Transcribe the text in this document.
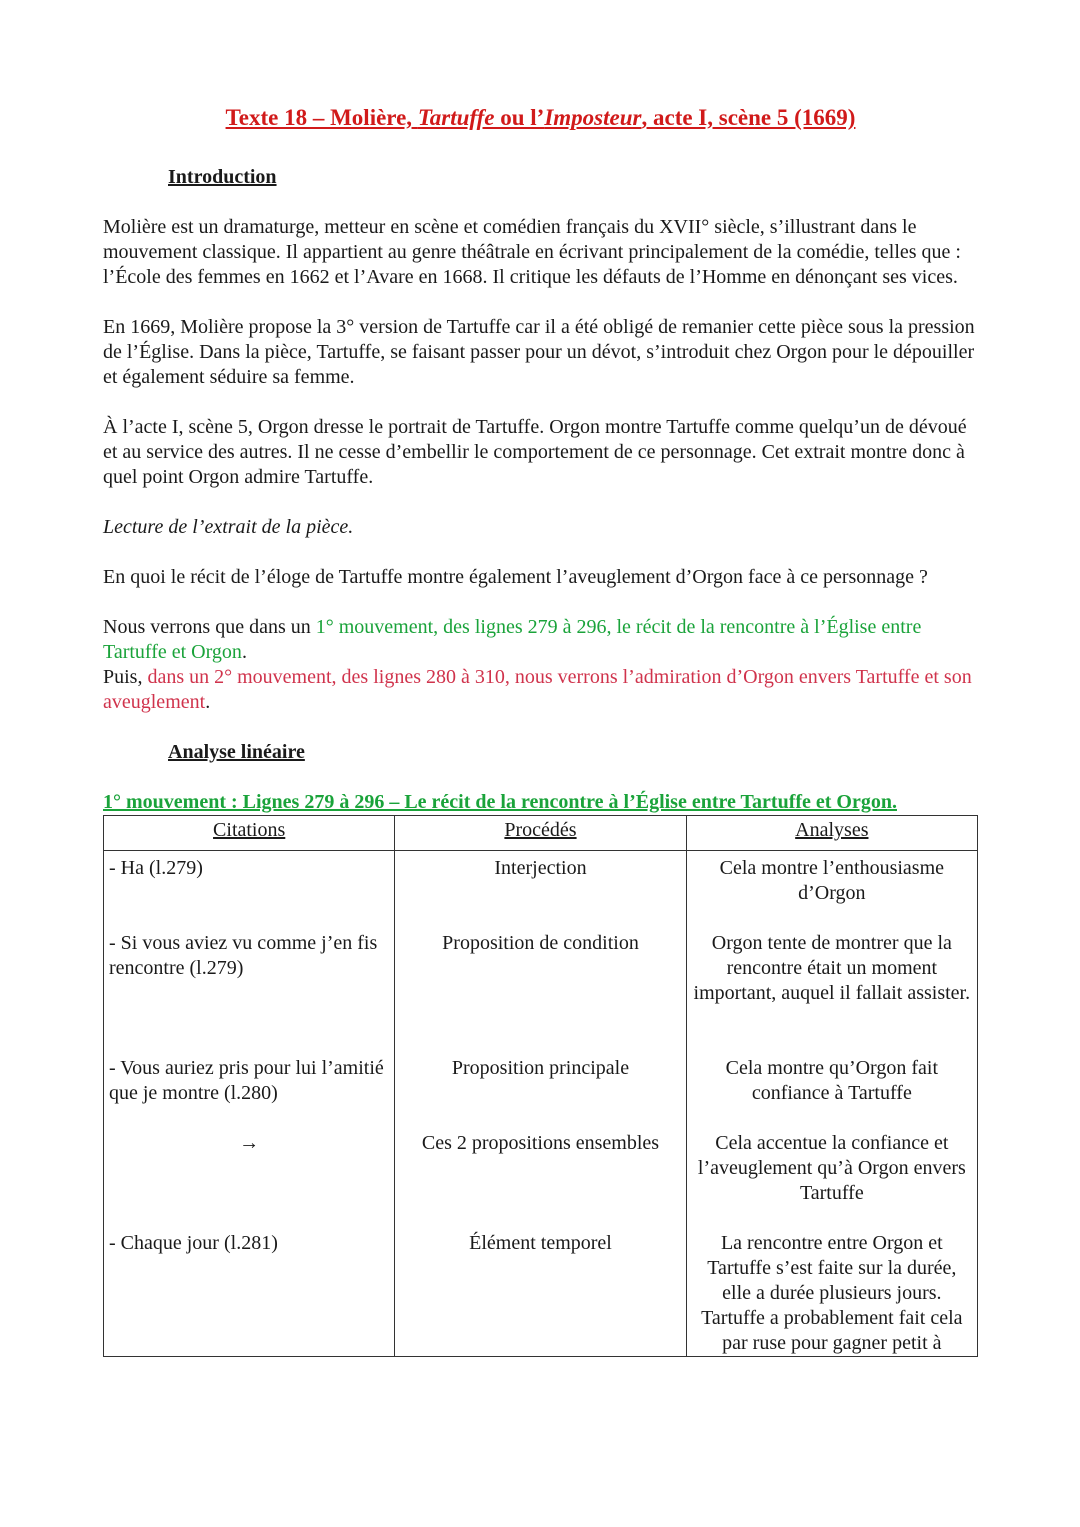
Texte 18 – Molière, Tartuffe ou l’Imposteur, acte I, scène 5 (1669)
Introduction

Molière est un dramaturge, metteur en scène et comédien français du XVII° siècle, s’illustrant dans le mouvement classique. Il appartient au genre théâtrale en écrivant principalement de la comédie, telles que : l’École des femmes en 1662 et l’Avare en 1668. Il critique les défauts de l’Homme en dénonçant ses vices.

En 1669, Molière propose la 3° version de Tartuffe car il a été obligé de remanier cette pièce sous la pression de l’Église. Dans la pièce, Tartuffe, se faisant passer pour un dévot, s’introduit chez Orgon pour le dépouiller et également séduire sa femme.

À l’acte I, scène 5, Orgon dresse le portrait de Tartuffe. Orgon montre Tartuffe comme quelqu’un de dévoué et au service des autres. Il ne cesse d’embellir le comportement de ce personnage. Cet extrait montre donc à quel point Orgon admire Tartuffe.

Lecture de l’extrait de la pièce.

En quoi le récit de l’éloge de Tartuffe montre également l’aveuglement d’Orgon face à ce personnage ?

Nous verrons que dans un 1° mouvement, des lignes 279 à 296, le récit de la rencontre à l’Église entre Tartuffe et Orgon.
Puis, dans un 2° mouvement, des lignes 280 à 310, nous verrons l’admiration d’Orgon envers Tartuffe et son aveuglement.

Analyse linéaire
1° mouvement : Lignes 279 à 296 – Le récit de la rencontre à l’Église entre Tartuffe et Orgon.
Citations	Procédés	Analyses
- Ha (l.279)	Interjection	Cela montre l’enthousiasme d’Orgon
- Si vous aviez vu comme j’en fis rencontre (l.279)	Proposition de condition	Orgon tente de montrer que la rencontre était un moment important, auquel il fallait assister.
- Vous auriez pris pour lui l’amitié que je montre (l.280)	Proposition principale	Cela montre qu’Orgon fait confiance à Tartuffe
→	Ces 2 propositions ensembles	Cela accentue la confiance et l’aveuglement qu’à Orgon envers Tartuffe
- Chaque jour (l.281)	Élément temporel	La rencontre entre Orgon et Tartuffe s’est faite sur la durée, elle a durée plusieurs jours. Tartuffe a probablement fait cela par ruse pour gagner petit à
